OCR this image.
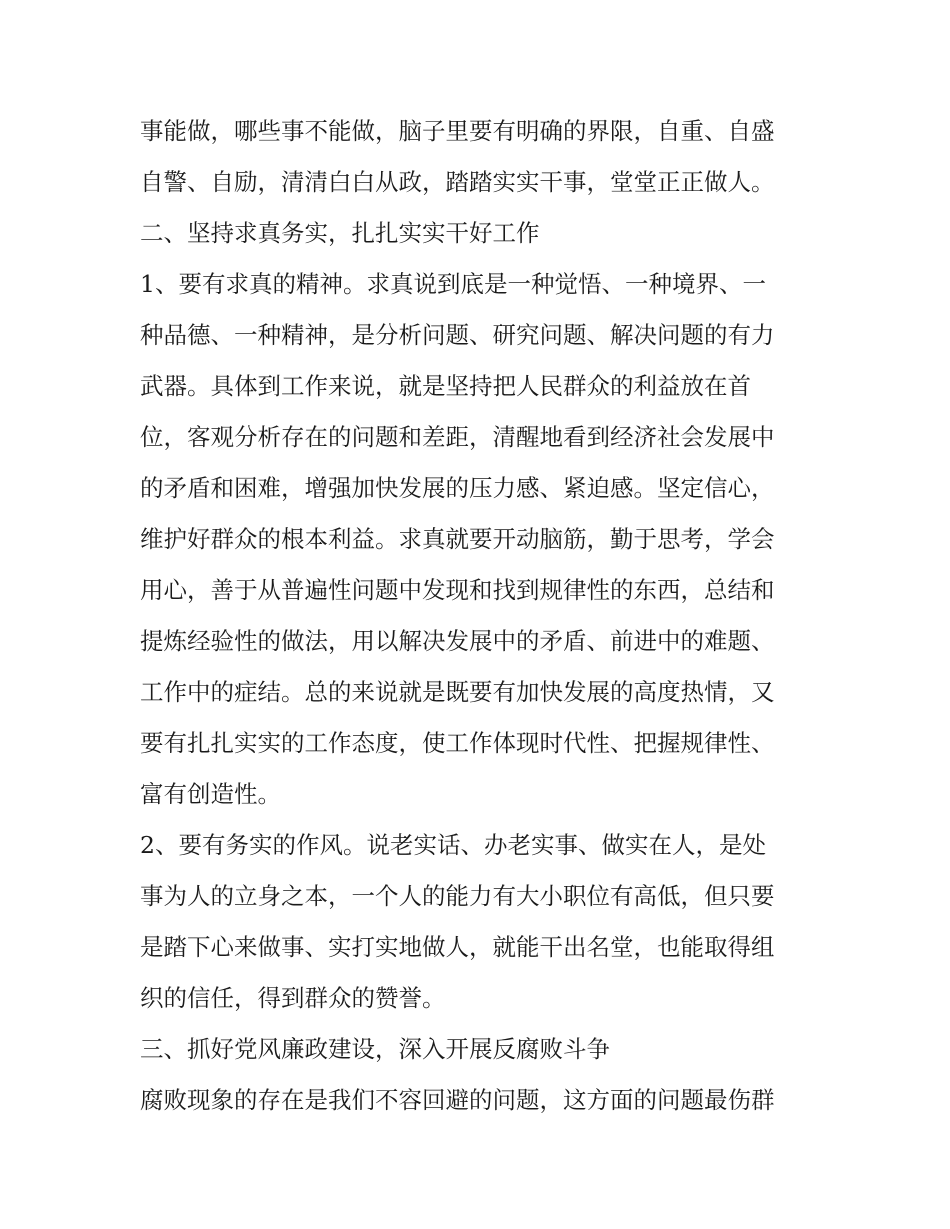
事能做，哪些事不能做，脑子里要有明确的界限，自重、自盛
自警、自励，清清白白从政，踏踏实实干事，堂堂正正做人。
二、坚持求真务实，扎扎实实干好工作
1、要有求真的精神。求真说到底是一种觉悟、一种境界、一
种品德、一种精神，是分析问题、研究问题、解决问题的有力
武器。具体到工作来说，就是坚持把人民群众的利益放在首
位，客观分析存在的问题和差距，清醒地看到经济社会发展中
的矛盾和困难，增强加快发展的压力感、紧迫感。坚定信心，
维护好群众的根本利益。求真就要开动脑筋，勤于思考，学会
用心，善于从普遍性问题中发现和找到规律性的东西，总结和
提炼经验性的做法，用以解决发展中的矛盾、前进中的难题、
工作中的症结。总的来说就是既要有加快发展的高度热情，又
要有扎扎实实的工作态度，使工作体现时代性、把握规律性、
富有创造性。
2、要有务实的作风。说老实话、办老实事、做实在人，是处
事为人的立身之本，一个人的能力有大小职位有高低，但只要
是踏下心来做事、实打实地做人，就能干出名堂，也能取得组
织的信任，得到群众的赞誉。
三、抓好党风廉政建设，深入开展反腐败斗争
腐败现象的存在是我们不容回避的问题，这方面的问题最伤群
